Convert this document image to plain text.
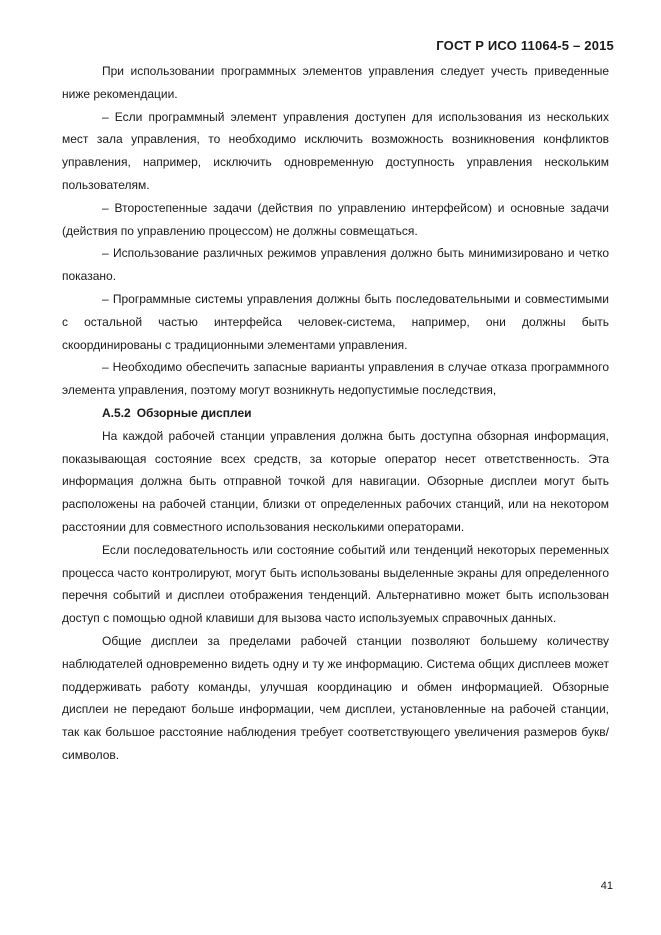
ГОСТ Р ИСО 11064-5 – 2015

При использовании программных элементов управления следует учесть приведенные ниже рекомендации.

– Если программный элемент управления доступен для использования из нескольких мест зала управления, то необходимо исключить возможность возникновения конфликтов управления, например, исключить одновременную доступность управления нескольким пользователям.

– Второстепенные задачи (действия по управлению интерфейсом) и основные задачи (действия по управлению процессом) не должны совмещаться.

– Использование различных режимов управления должно быть минимизировано и четко показано.

– Программные системы управления должны быть последовательными и совместимыми с остальной частью интерфейса человек-система, например, они должны быть скоординированы с традиционными элементами управления.

– Необходимо обеспечить запасные варианты управления в случае отказа программного элемента управления, поэтому могут возникнуть недопустимые последствия,

A.5.2 Обзорные дисплеи

На каждой рабочей станции управления должна быть доступна обзорная информация, показывающая состояние всех средств, за которые оператор несет ответственность. Эта информация должна быть отправной точкой для навигации. Обзорные дисплеи могут быть расположены на рабочей станции, близки от определенных рабочих станций, или на некотором расстоянии для совместного использования несколькими операторами.

Если последовательность или состояние событий или тенденций некоторых переменных процесса часто контролируют, могут быть использованы выделенные экраны для определенного перечня событий и дисплеи отображения тенденций. Альтернативно может быть использован доступ с помощью одной клавиши для вызова часто используемых справочных данных.

Общие дисплеи за пределами рабочей станции позволяют большему количеству наблюдателей одновременно видеть одну и ту же информацию. Система общих дисплеев может поддерживать работу команды, улучшая координацию и обмен информацией. Обзорные дисплеи не передают больше информации, чем дисплеи, установленные на рабочей станции, так как большое расстояние наблюдения требует соответствующего увеличения размеров букв/символов.

41
